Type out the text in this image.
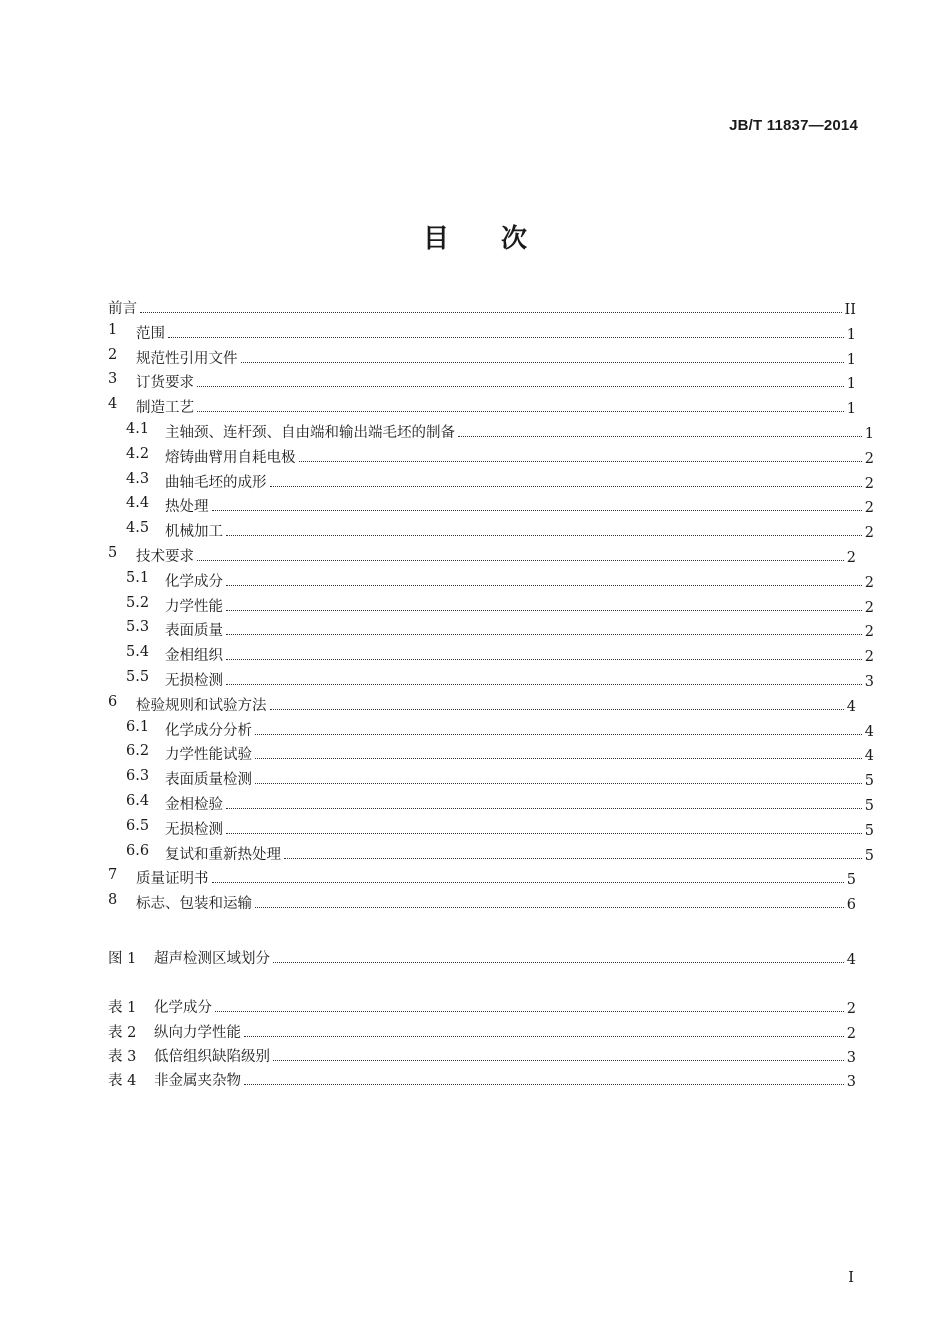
JB/T 11837—2014
目次
前言	II
1	范围	1
2	规范性引用文件	1
3	订货要求	1
4	制造工艺	1
4.1	主轴颈、连杆颈、自由端和输出端毛坯的制备	1
4.2	熔铸曲臂用自耗电极	2
4.3	曲轴毛坯的成形	2
4.4	热处理	2
4.5	机械加工	2
5	技术要求	2
5.1	化学成分	2
5.2	力学性能	2
5.3	表面质量	2
5.4	金相组织	2
5.5	无损检测	3
6	检验规则和试验方法	4
6.1	化学成分分析	4
6.2	力学性能试验	4
6.3	表面质量检测	5
6.4	金相检验	5
6.5	无损检测	5
6.6	复试和重新热处理	5
7	质量证明书	5
8	标志、包装和运输	6
图 1	超声检测区域划分	4
表 1	化学成分	2
表 2	纵向力学性能	2
表 3	低倍组织缺陷级别	3
表 4	非金属夹杂物	3
I
